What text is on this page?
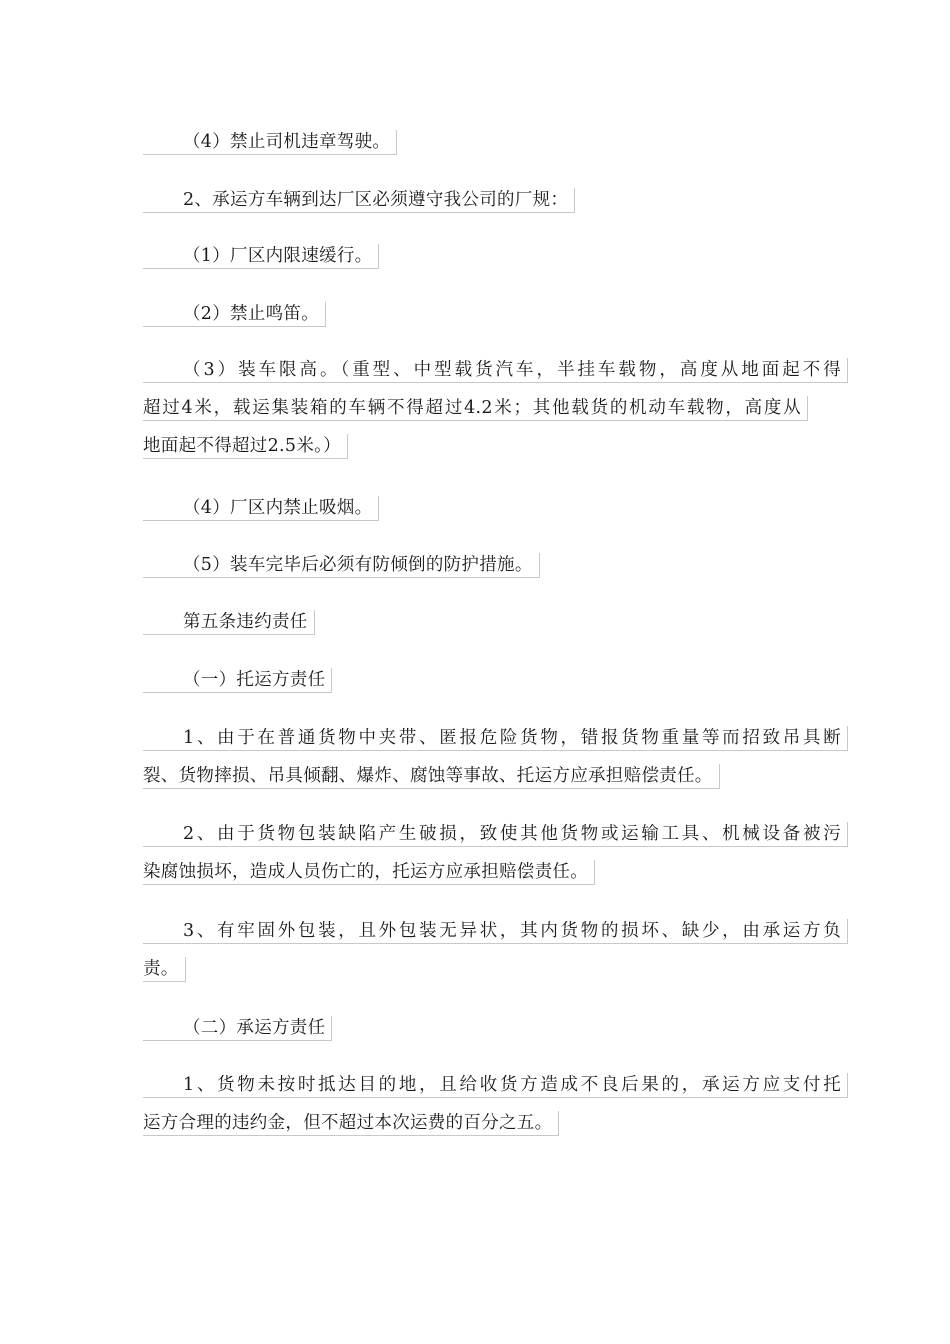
（4）禁止司机违章驾驶。
2、承运方车辆到达厂区必须遵守我公司的厂规：
（1）厂区内限速缓行。
（2）禁止鸣笛。
（3）装车限高。（重型、中型载货汽车，半挂车载物，高度从地面起不得
超过4米，载运集装箱的车辆不得超过4.2米；其他载货的机动车载物，高度从
地面起不得超过2.5米。）
（4）厂区内禁止吸烟。
（5）装车完毕后必须有防倾倒的防护措施。
第五条违约责任
（一）托运方责任
1、由于在普通货物中夹带、匿报危险货物，错报货物重量等而招致吊具断
裂、货物摔损、吊具倾翻、爆炸、腐蚀等事故、托运方应承担赔偿责任。
2、由于货物包装缺陷产生破损，致使其他货物或运输工具、机械设备被污
染腐蚀损坏，造成人员伤亡的，托运方应承担赔偿责任。
3、有牢固外包装，且外包装无异状，其内货物的损坏、缺少，由承运方负
责。
（二）承运方责任
1、货物未按时抵达目的地，且给收货方造成不良后果的，承运方应支付托
运方合理的违约金，但不超过本次运费的百分之五。
